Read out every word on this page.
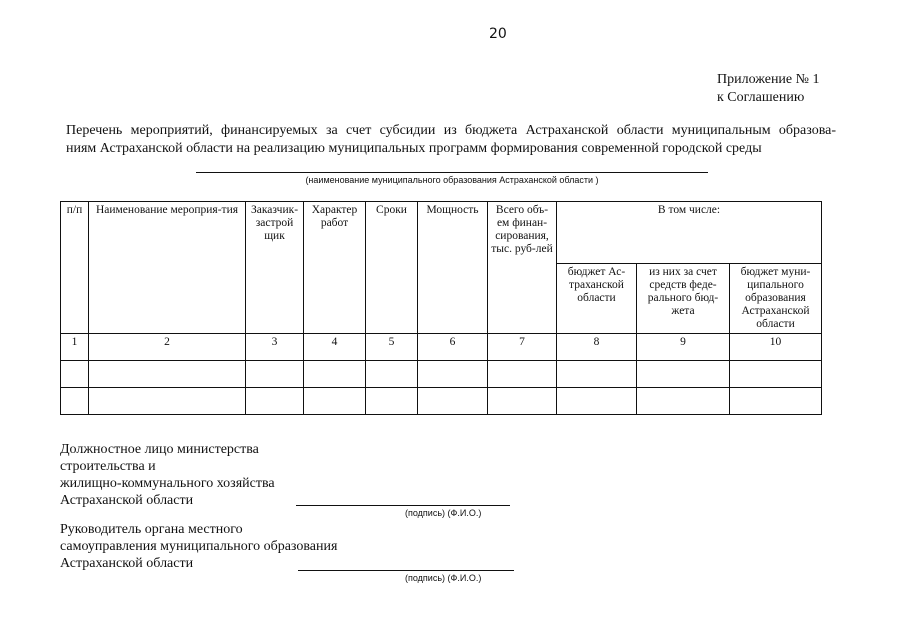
20
Приложение № 1
к Соглашению
Перечень мероприятий, финансируемых за счет субсидии из бюджета Астраханской области муниципальным образова-
ниям Астраханской области на реализацию муниципальных программ формирования современной городской среды
(наименование муниципального образования Астраханской области )
п/п	Наименование мероприя-тия	Заказчик-застрой щик	Характер работ	Сроки	Мощность	Всего объ-ем финан-сирования, тыс. руб-лей	В том числе:		
							бюджет Ас-траханской области	из них за счет средств феде-рального бюд-жета	бюджет муни-ципального образования Астраханской области
1	2	3	4	5	6	7	8	9	10

Должностное лицо министерства
строительства и
жилищно-коммунального хозяйства
Астраханской области
(подпись) (Ф.И.О.)
Руководитель органа местного
самоуправления муниципального образования
Астраханской области
(подпись) (Ф.И.О.)
